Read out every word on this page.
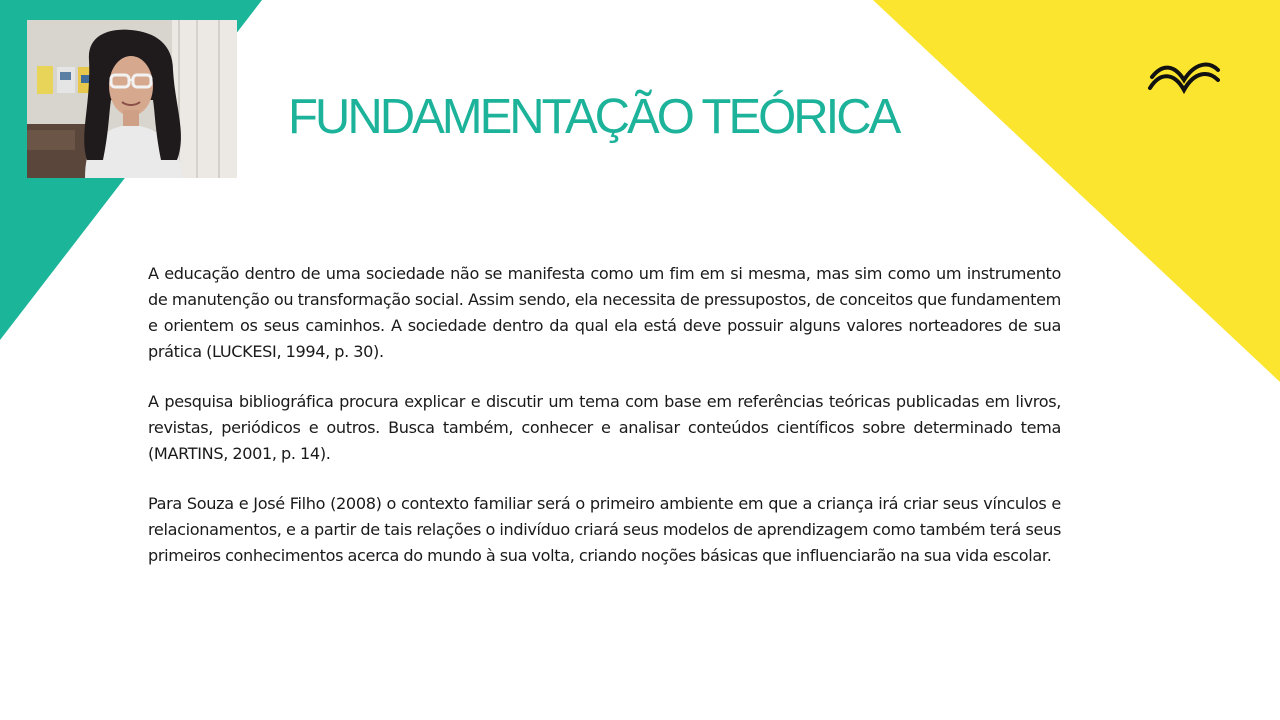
FUNDAMENTAÇÃO TEÓRICA

A educação dentro de uma sociedade não se manifesta como um fim em si mesma, mas sim como um instrumento de manutenção ou transformação social. Assim sendo, ela necessita de pressupostos, de conceitos que fundamentem e orientem os seus caminhos. A sociedade dentro da qual ela está deve possuir alguns valores norteadores de sua prática (LUCKESI, 1994, p. 30).

A pesquisa bibliográfica procura explicar e discutir um tema com base em referências teóricas publicadas em livros, revistas, periódicos e outros. Busca também, conhecer e analisar conteúdos científicos sobre determinado tema (MARTINS, 2001, p. 14).

Para Souza e José Filho (2008) o contexto familiar será o primeiro ambiente em que a criança irá criar seus vínculos e relacionamentos, e a partir de tais relações o indivíduo criará seus modelos de aprendizagem como também terá seus primeiros conhecimentos acerca do mundo à sua volta, criando noções básicas que influenciarão na sua vida escolar.
